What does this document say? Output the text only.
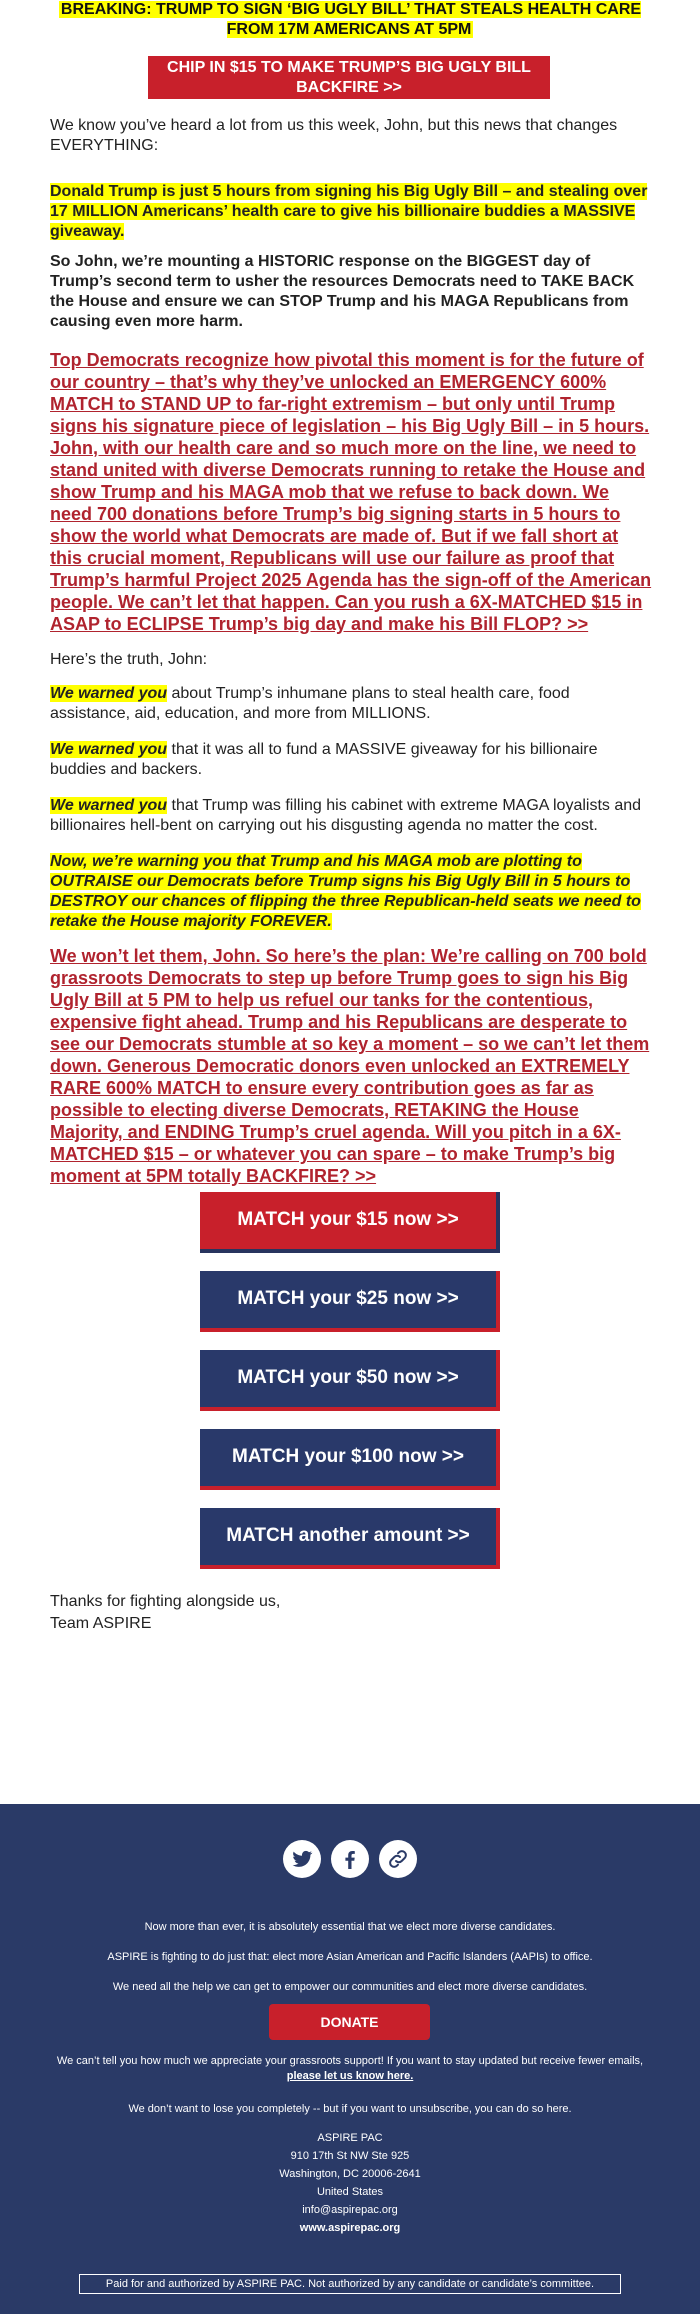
BREAKING: TRUMP TO SIGN ‘BIG UGLY BILL’ THAT STEALS HEALTH CARE FROM 17M AMERICANS AT 5PM
CHIP IN $15 TO MAKE TRUMP’S BIG UGLY BILL BACKFIRE >>
We know you’ve heard a lot from us this week, John, but this news that changes EVERYTHING:
Donald Trump is just 5 hours from signing his Big Ugly Bill – and stealing over 17 MILLION Americans’ health care to give his billionaire buddies a MASSIVE giveaway.
So John, we’re mounting a HISTORIC response on the BIGGEST day of Trump’s second term to usher the resources Democrats need to TAKE BACK the House and ensure we can STOP Trump and his MAGA Republicans from causing even more harm.
Top Democrats recognize how pivotal this moment is for the future of our country – that’s why they’ve unlocked an EMERGENCY 600% MATCH to STAND UP to far-right extremism – but only until Trump signs his signature piece of legislation – his Big Ugly Bill – in 5 hours. John, with our health care and so much more on the line, we need to stand united with diverse Democrats running to retake the House and show Trump and his MAGA mob that we refuse to back down. We need 700 donations before Trump’s big signing starts in 5 hours to show the world what Democrats are made of. But if we fall short at this crucial moment, Republicans will use our failure as proof that Trump’s harmful Project 2025 Agenda has the sign-off of the American people. We can’t let that happen. Can you rush a 6X-MATCHED $15 in ASAP to ECLIPSE Trump’s big day and make his Bill FLOP? >>
Here’s the truth, John:
We warned you about Trump’s inhumane plans to steal health care, food assistance, aid, education, and more from MILLIONS.
We warned you that it was all to fund a MASSIVE giveaway for his billionaire buddies and backers.
We warned you that Trump was filling his cabinet with extreme MAGA loyalists and billionaires hell-bent on carrying out his disgusting agenda no matter the cost.
Now, we’re warning you that Trump and his MAGA mob are plotting to OUTRAISE our Democrats before Trump signs his Big Ugly Bill in 5 hours to DESTROY our chances of flipping the three Republican-held seats we need to retake the House majority FOREVER.
We won’t let them, John. So here’s the plan: We’re calling on 700 bold grassroots Democrats to step up before Trump goes to sign his Big Ugly Bill at 5 PM to help us refuel our tanks for the contentious, expensive fight ahead. Trump and his Republicans are desperate to see our Democrats stumble at so key a moment – so we can’t let them down. Generous Democratic donors even unlocked an EXTREMELY RARE 600% MATCH to ensure every contribution goes as far as possible to electing diverse Democrats, RETAKING the House Majority, and ENDING Trump’s cruel agenda. Will you pitch in a 6X-MATCHED $15 – or whatever you can spare – to make Trump’s big moment at 5PM totally BACKFIRE? >>
MATCH your $15 now >>
MATCH your $25 now >>
MATCH your $50 now >>
MATCH your $100 now >>
MATCH another amount >>
Thanks for fighting alongside us,
Team ASPIRE

Now more than ever, it is absolutely essential that we elect more diverse candidates.
ASPIRE is fighting to do just that: elect more Asian American and Pacific Islanders (AAPIs) to office.
We need all the help we can get to empower our communities and elect more diverse candidates.
DONATE
We can’t tell you how much we appreciate your grassroots support! If you want to stay updated but receive fewer emails,
please let us know here.
We don’t want to lose you completely -- but if you want to unsubscribe, you can do so here.
ASPIRE PAC
910 17th St NW Ste 925
Washington, DC 20006-2641
United States
info@aspirepac.org
www.aspirepac.org
Paid for and authorized by ASPIRE PAC. Not authorized by any candidate or candidate’s committee.
